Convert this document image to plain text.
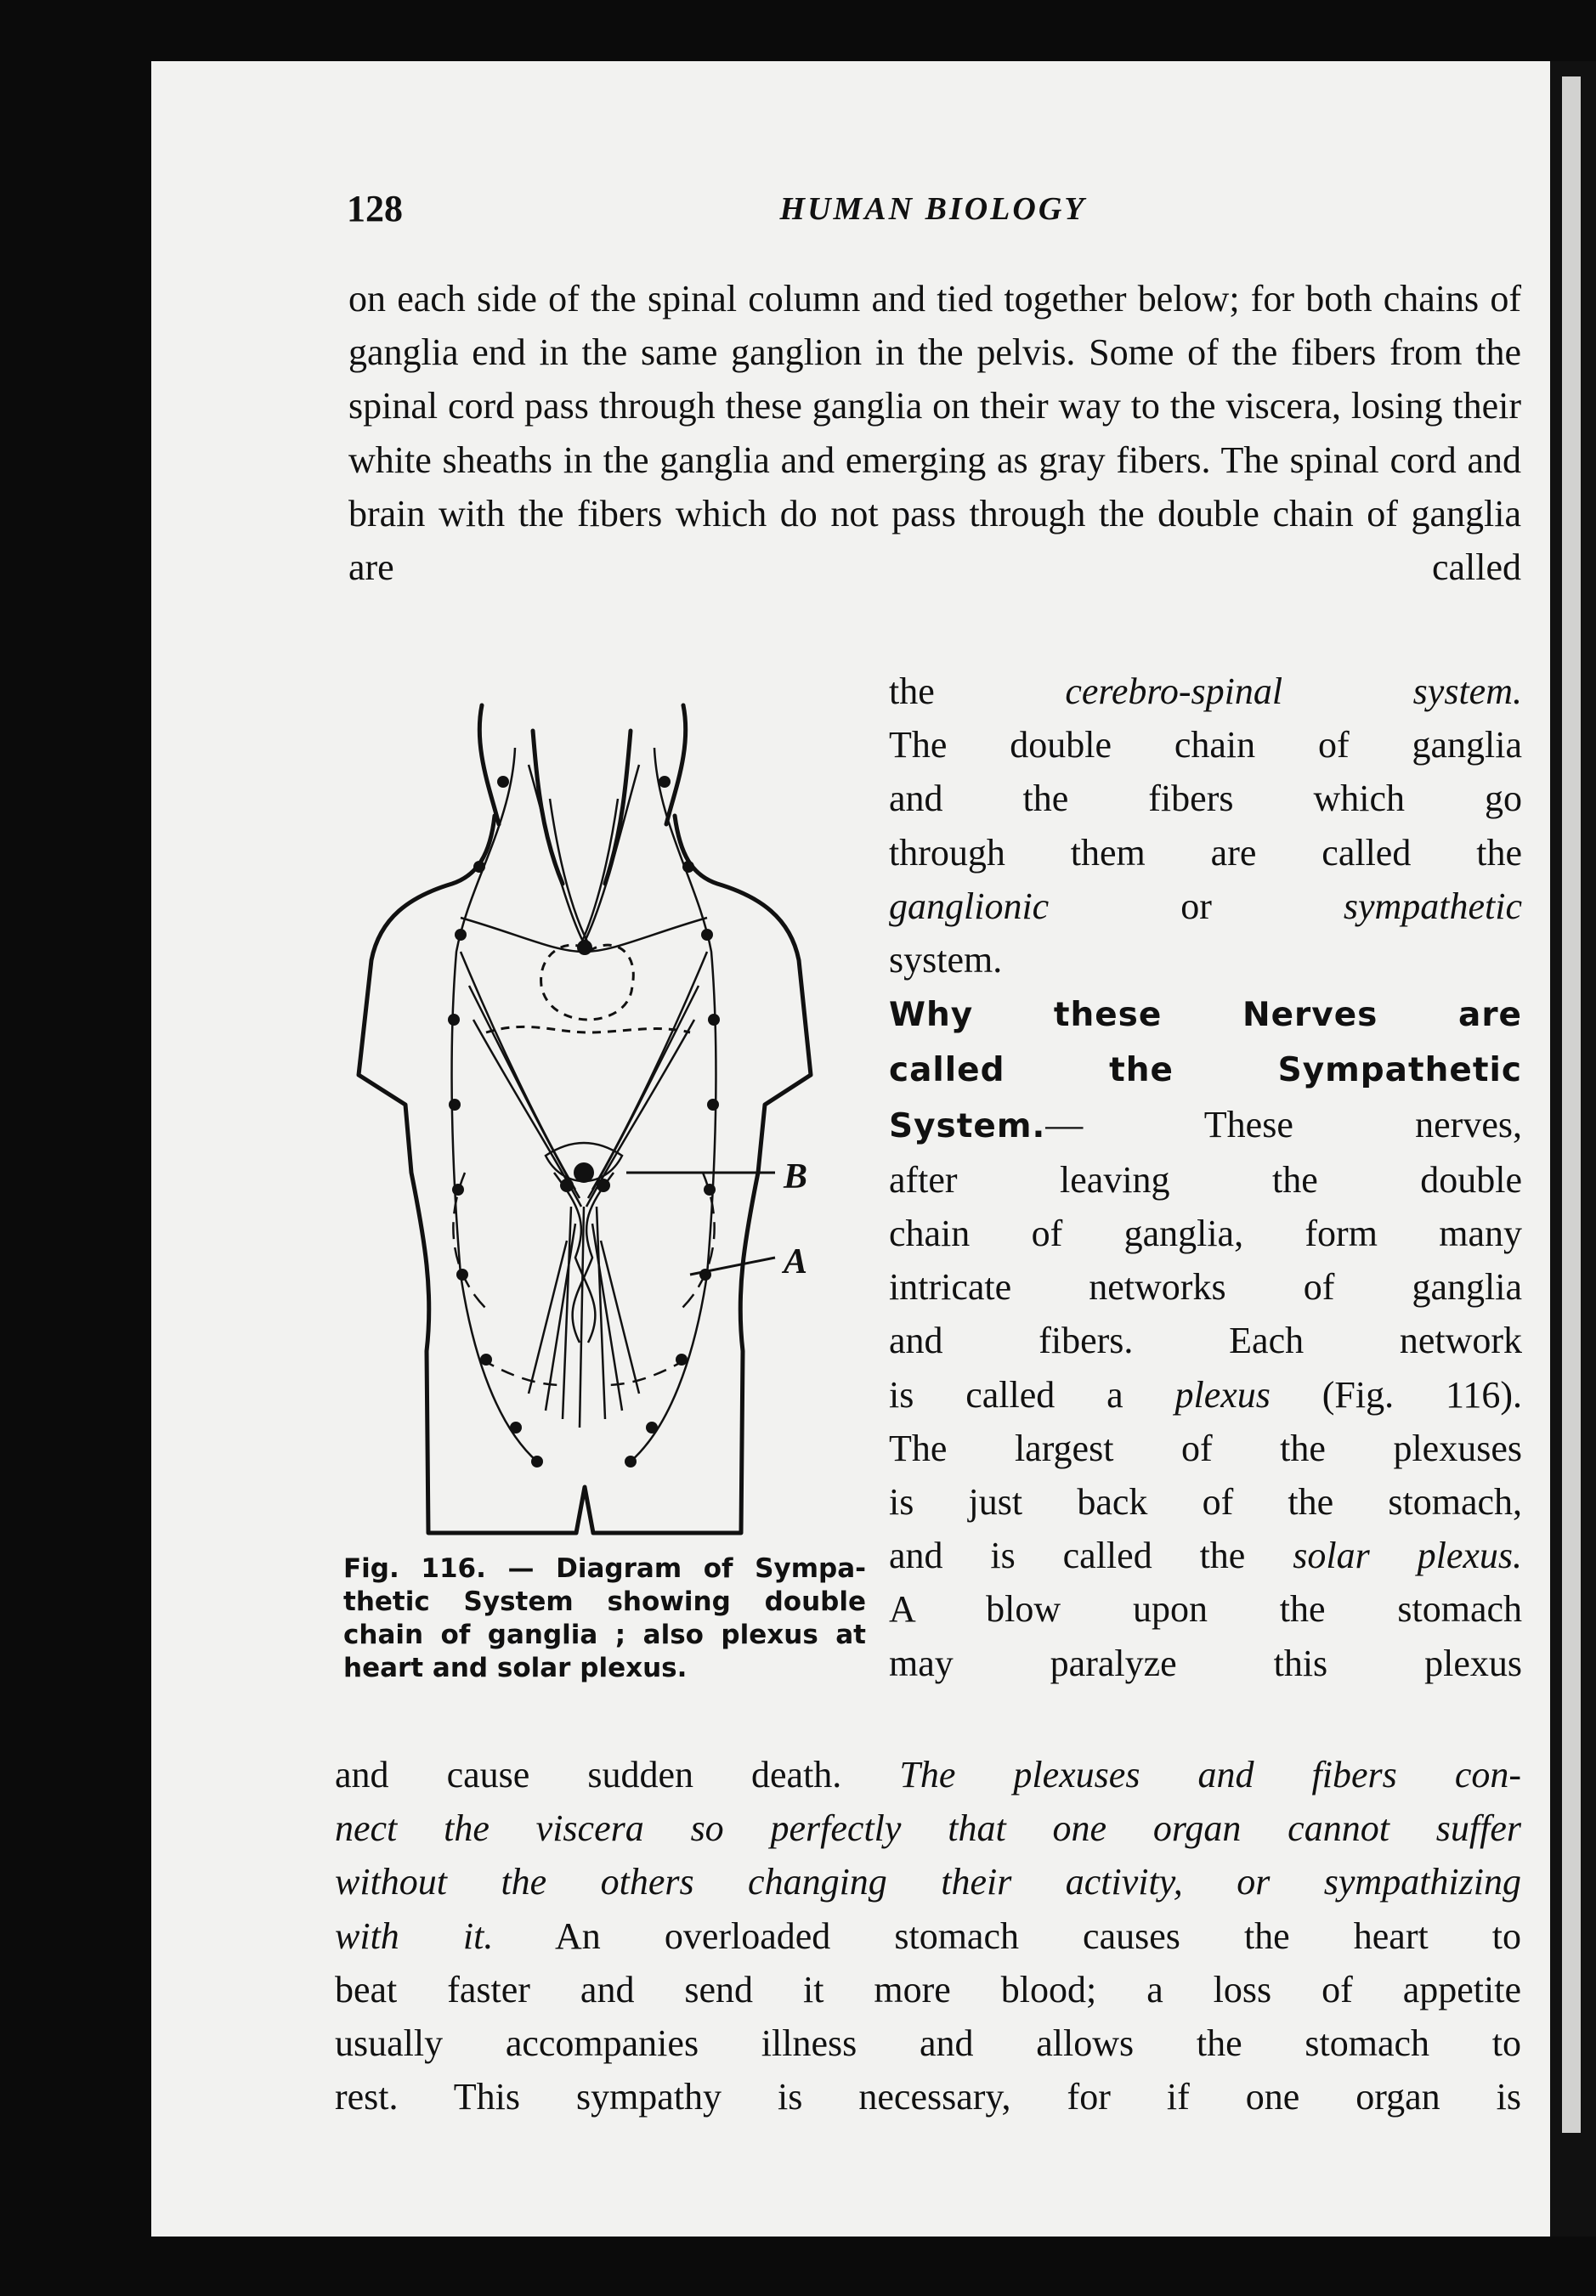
128	HUMAN BIOLOGY

on each side of the spinal column and tied together below; for both chains of ganglia end in the same ganglion in the pelvis. Some of the fibers from the spinal cord pass through these ganglia on their way to the viscera, losing their white sheaths in the ganglia and emerging as gray fibers. The spinal cord and brain with the fibers which do not pass through the double chain of ganglia are called

B
A
Fig. 116. — Diagram of Sympa-
thetic System showing double
chain of ganglia ; also plexus at
heart and solar plexus.
the	cerebro-spinal system.
The double chain of ganglia
and the fibers which go
through them are called the
ganglionic	or	sympathetic
system.
Why these Nerves are
called the Sympathetic
System.— These nerves,
after leaving the double
chain of ganglia, form many
intricate networks of ganglia
and fibers. Each network
is called a plexus (Fig. 116).
The largest of the plexuses
is just back of the stomach,
and is called the solar plexus.
A blow upon the stomach
may paralyze this plexus
and cause sudden death. The plexuses and fibers con-
nect the viscera so perfectly that one organ cannot suffer
without the others changing their activity, or sympathizing
with it. An overloaded stomach causes the heart to
beat faster and send it more blood; a loss of appetite
usually accompanies illness and allows the stomach to
rest. This sympathy is necessary, for if one organ is
